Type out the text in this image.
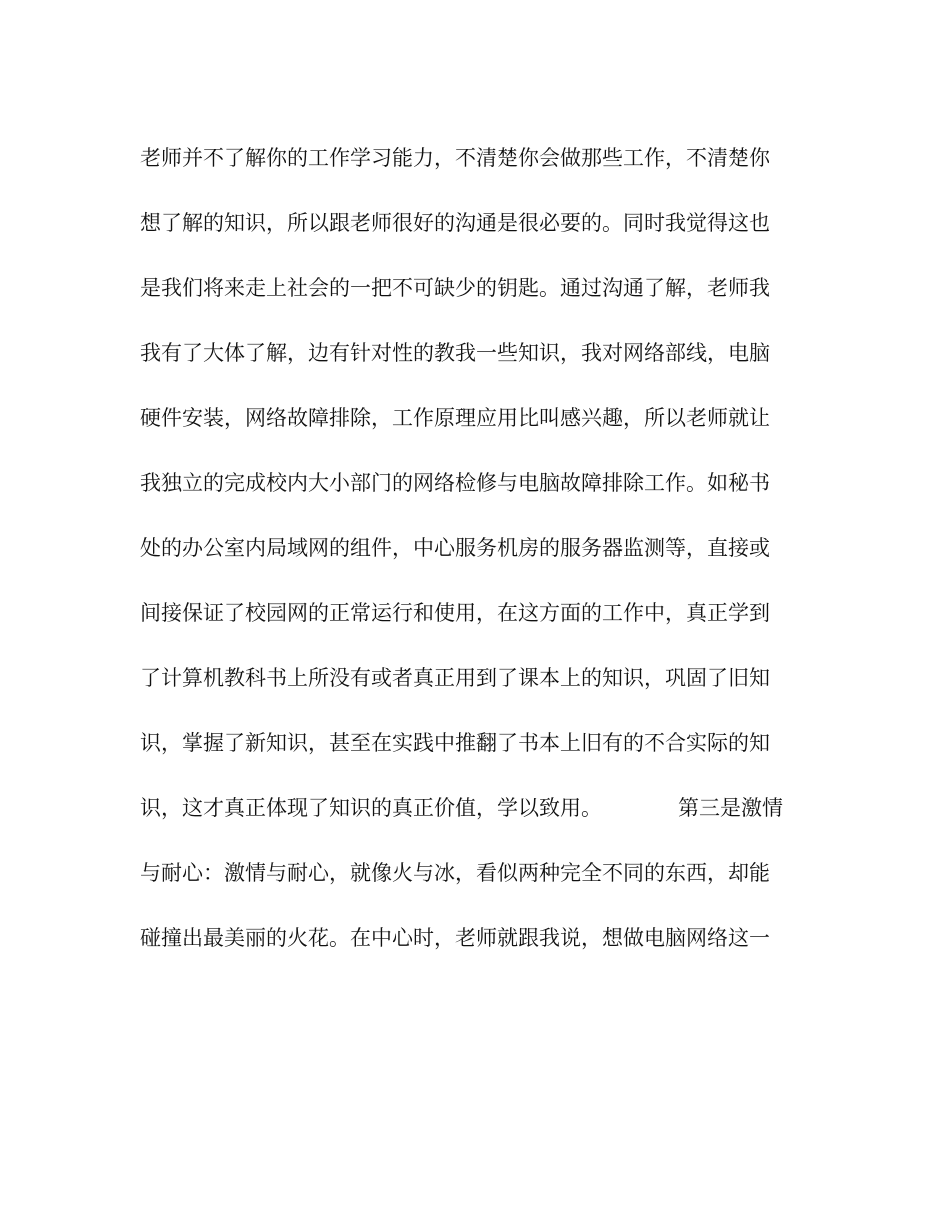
老师并不了解你的工作学习能力，不清楚你会做那些工作，不清楚你
想了解的知识，所以跟老师很好的沟通是很必要的。同时我觉得这也
是我们将来走上社会的一把不可缺少的钥匙。通过沟通了解，老师我
我有了大体了解，边有针对性的教我一些知识，我对网络部线，电脑
硬件安装，网络故障排除，工作原理应用比叫感兴趣，所以老师就让
我独立的完成校内大小部门的网络检修与电脑故障排除工作。如秘书
处的办公室内局域网的组件，中心服务机房的服务器监测等，直接或
间接保证了校园网的正常运行和使用，在这方面的工作中，真正学到
了计算机教科书上所没有或者真正用到了课本上的知识，巩固了旧知
识，掌握了新知识，甚至在实践中推翻了书本上旧有的不合实际的知
识，这才真正体现了知识的真正价值，学以致用。	第三是激情
与耐心：激情与耐心，就像火与冰，看似两种完全不同的东西，却能
碰撞出最美丽的火花。在中心时，老师就跟我说，想做电脑网络这一
